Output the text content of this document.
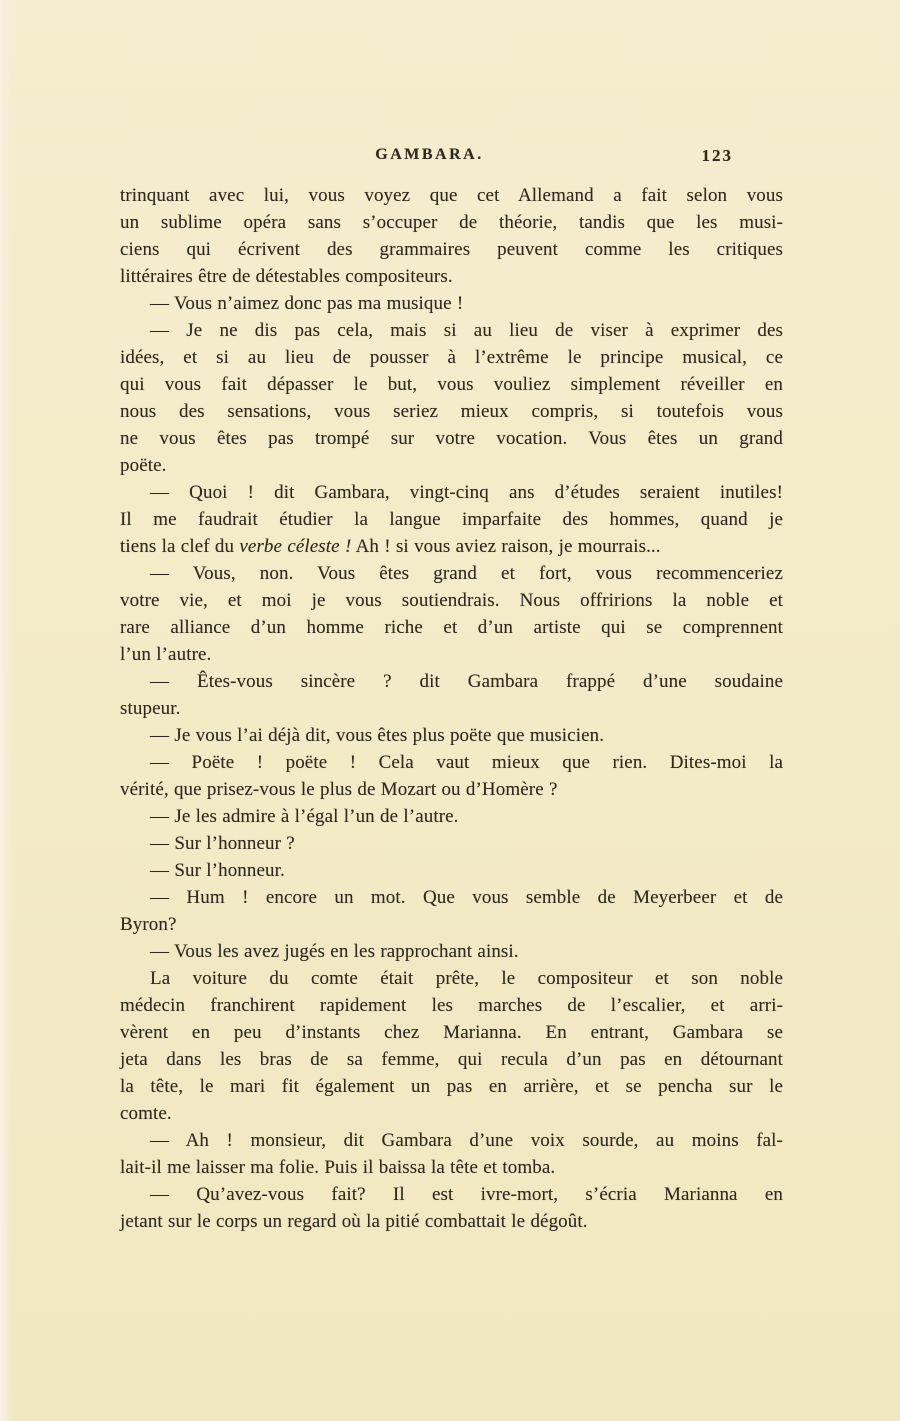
GAMBARA.	123
trinquant avec lui, vous voyez que cet Allemand a fait selon vous
un sublime opéra sans s’occuper de théorie, tandis que les musi-
ciens qui écrivent des grammaires peuvent comme les critiques
littéraires être de détestables compositeurs.
— Vous n’aimez donc pas ma musique !
— Je ne dis pas cela, mais si au lieu de viser à exprimer des
idées, et si au lieu de pousser à l’extrême le principe musical, ce
qui vous fait dépasser le but, vous vouliez simplement réveiller en
nous des sensations, vous seriez mieux compris, si toutefois vous
ne vous êtes pas trompé sur votre vocation. Vous êtes un grand
poëte.
— Quoi ! dit Gambara, vingt-cinq ans d’études seraient inutiles!
Il me faudrait étudier la langue imparfaite des hommes, quand je
tiens la clef du verbe céleste ! Ah ! si vous aviez raison, je mourrais...
— Vous, non. Vous êtes grand et fort, vous recommenceriez
votre vie, et moi je vous soutiendrais. Nous offririons la noble et
rare alliance d’un homme riche et d’un artiste qui se comprennent
l’un l’autre.
— Êtes-vous sincère ? dit Gambara frappé d’une soudaine
stupeur.
— Je vous l’ai déjà dit, vous êtes plus poëte que musicien.
— Poëte ! poëte ! Cela vaut mieux que rien. Dites-moi la
vérité, que prisez-vous le plus de Mozart ou d’Homère ?
— Je les admire à l’égal l’un de l’autre.
— Sur l’honneur ?
— Sur l’honneur.
— Hum ! encore un mot. Que vous semble de Meyerbeer et de
Byron?
— Vous les avez jugés en les rapprochant ainsi.
La voiture du comte était prête, le compositeur et son noble
médecin franchirent rapidement les marches de l’escalier, et arri-
vèrent en peu d’instants chez Marianna. En entrant, Gambara se
jeta dans les bras de sa femme, qui recula d’un pas en détournant
la tête, le mari fit également un pas en arrière, et se pencha sur le
comte.
— Ah ! monsieur, dit Gambara d’une voix sourde, au moins fal-
lait-il me laisser ma folie. Puis il baissa la tête et tomba.
— Qu’avez-vous fait? Il est ivre-mort, s’écria Marianna en
jetant sur le corps un regard où la pitié combattait le dégoût.
